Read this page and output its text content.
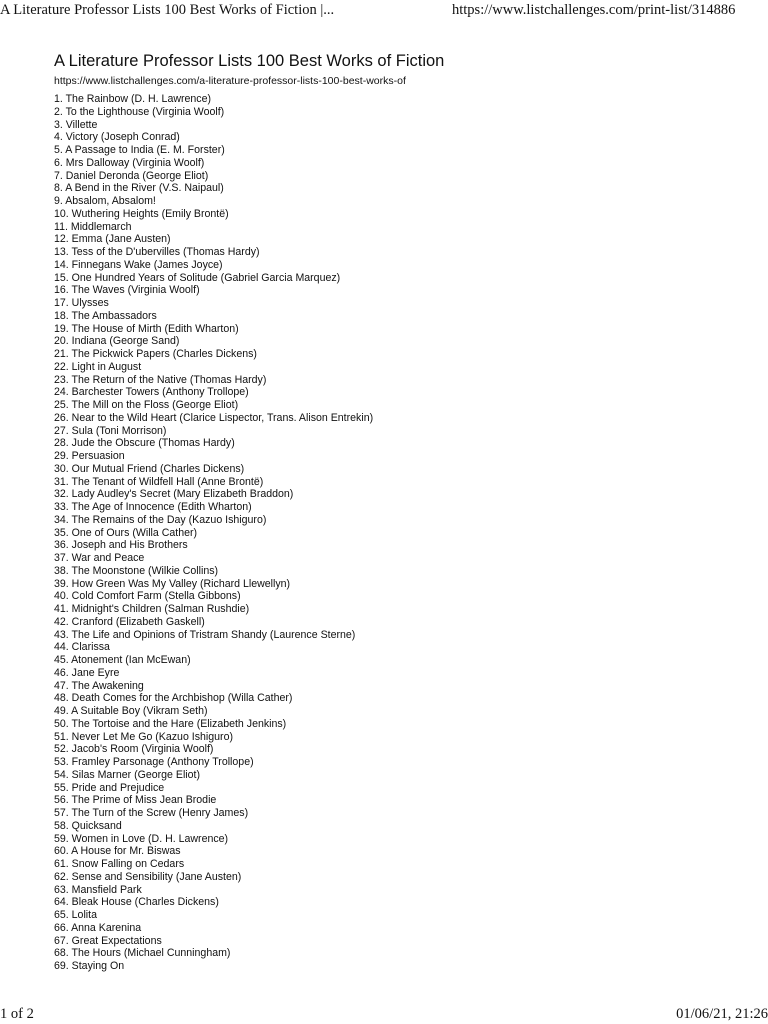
A Literature Professor Lists 100 Best Works of Fiction |...	https://www.listchallenges.com/print-list/314886
A Literature Professor Lists 100 Best Works of Fiction
https://www.listchallenges.com/a-literature-professor-lists-100-best-works-of
1. The Rainbow (D. H. Lawrence)
2. To the Lighthouse (Virginia Woolf)
3. Villette
4. Victory (Joseph Conrad)
5. A Passage to India (E. M. Forster)
6. Mrs Dalloway (Virginia Woolf)
7. Daniel Deronda (George Eliot)
8. A Bend in the River (V.S. Naipaul)
9. Absalom, Absalom!
10. Wuthering Heights (Emily Brontë)
11. Middlemarch
12. Emma (Jane Austen)
13. Tess of the D'ubervilles (Thomas Hardy)
14. Finnegans Wake (James Joyce)
15. One Hundred Years of Solitude (Gabriel Garcia Marquez)
16. The Waves (Virginia Woolf)
17. Ulysses
18. The Ambassadors
19. The House of Mirth (Edith Wharton)
20. Indiana (George Sand)
21. The Pickwick Papers (Charles Dickens)
22. Light in August
23. The Return of the Native (Thomas Hardy)
24. Barchester Towers (Anthony Trollope)
25. The Mill on the Floss (George Eliot)
26. Near to the Wild Heart (Clarice Lispector, Trans. Alison Entrekin)
27. Sula (Toni Morrison)
28. Jude the Obscure (Thomas Hardy)
29. Persuasion
30. Our Mutual Friend (Charles Dickens)
31. The Tenant of Wildfell Hall (Anne Brontë)
32. Lady Audley's Secret (Mary Elizabeth Braddon)
33. The Age of Innocence (Edith Wharton)
34. The Remains of the Day (Kazuo Ishiguro)
35. One of Ours (Willa Cather)
36. Joseph and His Brothers
37. War and Peace
38. The Moonstone (Wilkie Collins)
39. How Green Was My Valley (Richard Llewellyn)
40. Cold Comfort Farm (Stella Gibbons)
41. Midnight's Children (Salman Rushdie)
42. Cranford (Elizabeth Gaskell)
43. The Life and Opinions of Tristram Shandy (Laurence Sterne)
44. Clarissa
45. Atonement (Ian McEwan)
46. Jane Eyre
47. The Awakening
48. Death Comes for the Archbishop (Willa Cather)
49. A Suitable Boy (Vikram Seth)
50. The Tortoise and the Hare (Elizabeth Jenkins)
51. Never Let Me Go (Kazuo Ishiguro)
52. Jacob's Room (Virginia Woolf)
53. Framley Parsonage (Anthony Trollope)
54. Silas Marner (George Eliot)
55. Pride and Prejudice
56. The Prime of Miss Jean Brodie
57. The Turn of the Screw (Henry James)
58. Quicksand
59. Women in Love (D. H. Lawrence)
60. A House for Mr. Biswas
61. Snow Falling on Cedars
62. Sense and Sensibility (Jane Austen)
63. Mansfield Park
64. Bleak House (Charles Dickens)
65. Lolita
66. Anna Karenina
67. Great Expectations
68. The Hours (Michael Cunningham)
69. Staying On
1 of 2	01/06/21, 21:26
